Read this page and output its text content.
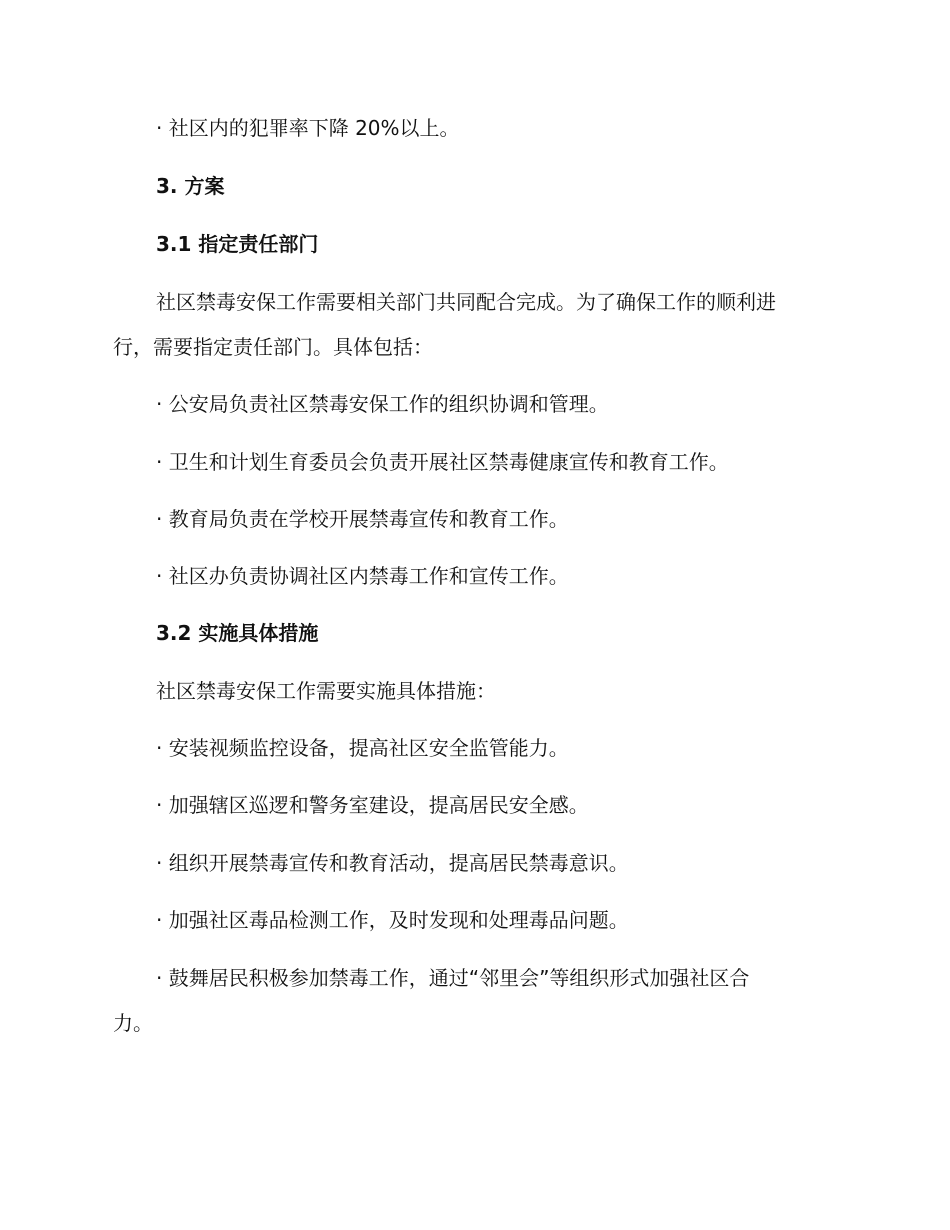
· 社区内的犯罪率下降 20%以上。
3. 方案
3.1 指定责任部门
社区禁毒安保工作需要相关部门共同配合完成。为了确保工作的顺利进
行，需要指定责任部门。具体包括：
· 公安局负责社区禁毒安保工作的组织协调和管理。
· 卫生和计划生育委员会负责开展社区禁毒健康宣传和教育工作。
· 教育局负责在学校开展禁毒宣传和教育工作。
· 社区办负责协调社区内禁毒工作和宣传工作。
3.2 实施具体措施
社区禁毒安保工作需要实施具体措施：
· 安装视频监控设备，提高社区安全监管能力。
· 加强辖区巡逻和警务室建设，提高居民安全感。
· 组织开展禁毒宣传和教育活动，提高居民禁毒意识。
· 加强社区毒品检测工作，及时发现和处理毒品问题。
· 鼓舞居民积极参加禁毒工作，通过“邻里会”等组织形式加强社区合
力。
